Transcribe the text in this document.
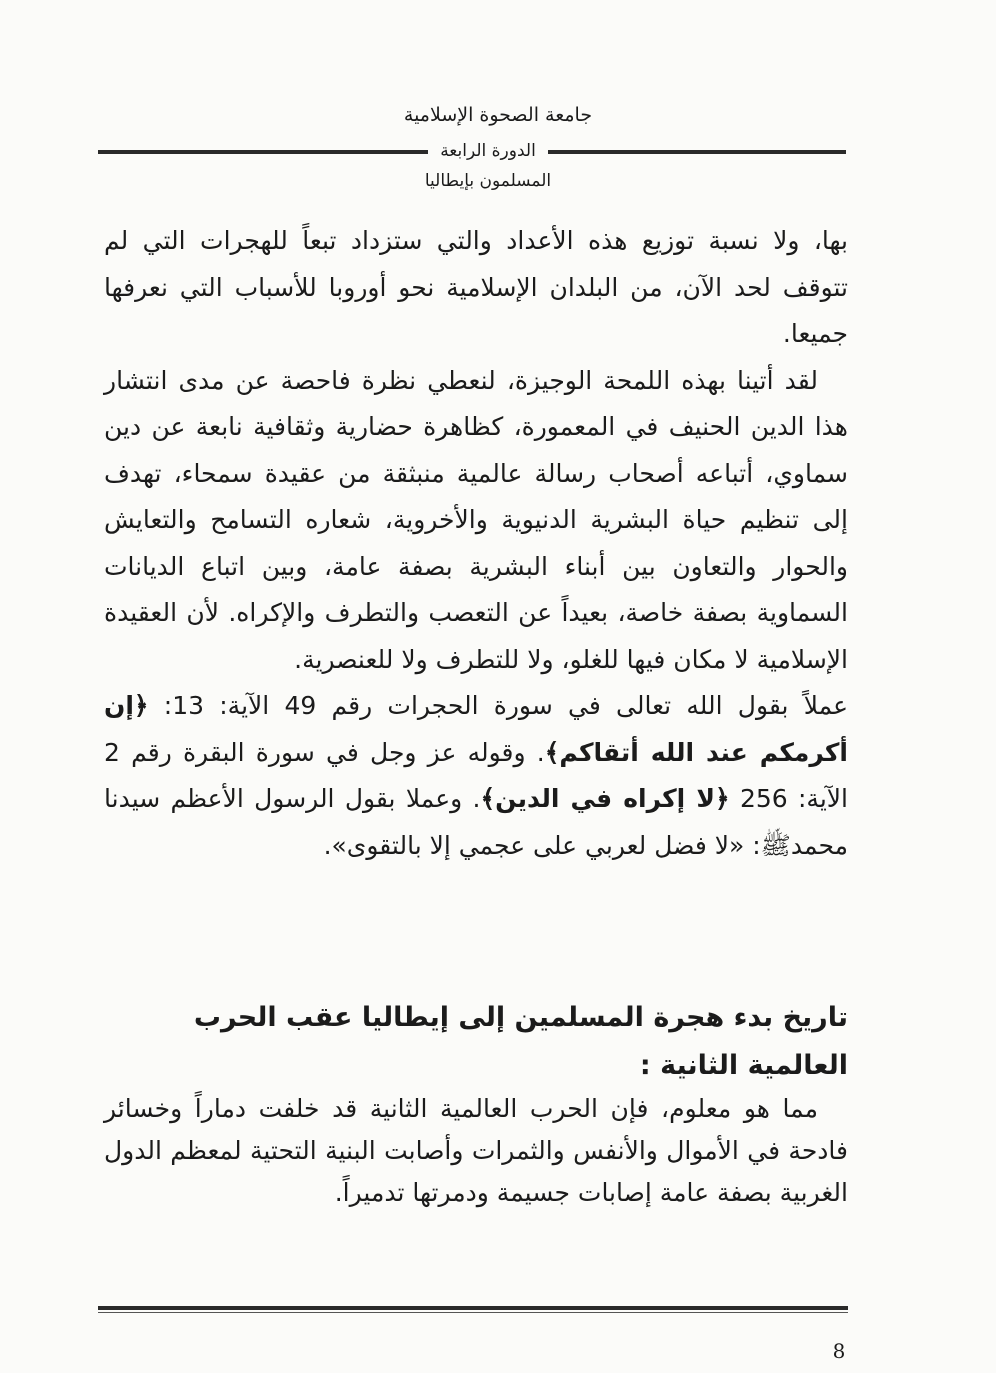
جامعة الصحوة الإسلامية
الدورة الرابعة
المسلمون بإيطاليا

بها، ولا نسبة توزيع هذه الأعداد والتي ستزداد تبعاً للهجرات التي لم تتوقف لحد الآن، من البلدان الإسلامية نحو أوروبا للأسباب التي نعرفها جميعا.

لقد أتينا بهذه اللمحة الوجيزة، لنعطي نظرة فاحصة عن مدى انتشار هذا الدين الحنيف في المعمورة، كظاهرة حضارية وثقافية نابعة عن دين سماوي، أتباعه أصحاب رسالة عالمية منبثقة من عقيدة سمحاء، تهدف إلى تنظيم حياة البشرية الدنيوية والأخروية، شعاره التسامح والتعايش والحوار والتعاون بين أبناء البشرية بصفة عامة، وبين اتباع الديانات السماوية بصفة خاصة، بعيداً عن التعصب والتطرف والإكراه. لأن العقيدة الإسلامية لا مكان فيها للغلو، ولا للتطرف ولا للعنصرية.

عملاً بقول الله تعالى في سورة الحجرات رقم 49 الآية: 13: ﴿إن أكرمكم عند الله أتقاكم﴾. وقوله عز وجل في سورة البقرة رقم 2 الآية: 256 ﴿لا إكراه في الدين﴾. وعملا بقول الرسول الأعظم سيدنا محمدﷺ: «لا فضل لعربي على عجمي إلا بالتقوى».

تاريخ بدء هجرة المسلمين إلى إيطاليا عقب الحرب العالمية الثانية :

مما هو معلوم، فإن الحرب العالمية الثانية قد خلفت دماراً وخسائر فادحة في الأموال والأنفس والثمرات وأصابت البنية التحتية لمعظم الدول الغربية بصفة عامة إصابات جسيمة ودمرتها تدميراً.

8
